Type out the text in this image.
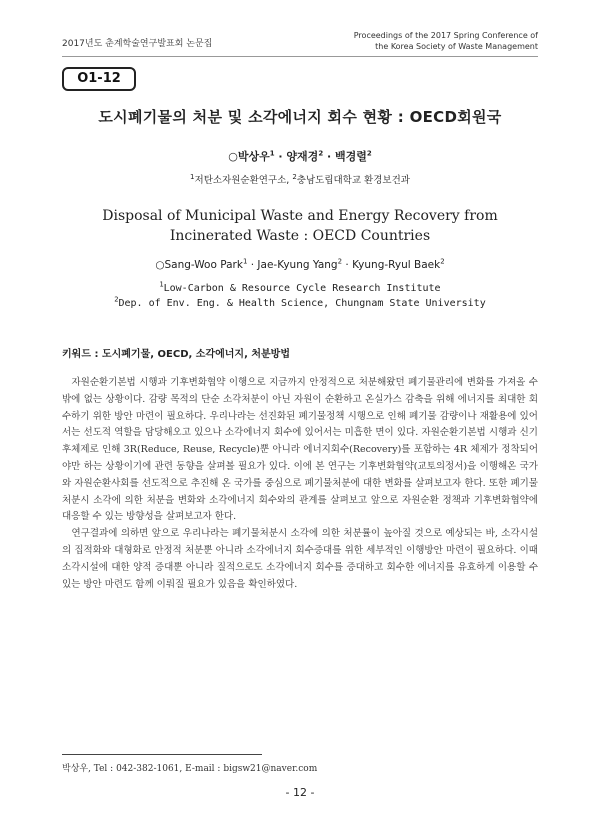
2017년도 춘계학술연구발표회 논문집
Proceedings of the 2017 Spring Conference of
the Korea Society of Waste Management
O1-12
도시폐기물의 처분 및 소각에너지 회수 현황 : OECD회원국
○박상우$^1$ · 양재경$^2$ · 백경렬$^2$
$^1$저탄소자원순환연구소, $^2$충남도립대학교 환경보건과
Disposal of Municipal Waste and Energy Recovery from
Incinerated Waste : OECD Countries
○Sang-Woo Park$^1$ · Jae-Kyung Yang$^2$ · Kyung-Ryul Baek$^2$
$^1$Low-Carbon & Resource Cycle Research Institute
$^2$Dep. of Env. Eng. & Health Science, Chungnam State University
키워드 : 도시폐기물, OECD, 소각에너지, 처분방법

자원순환기본법 시행과 기후변화협약 이행으로 지금까지 안정적으로 처분해왔던 폐기물관리에 변화를 가져올 수밖에 없는 상황이다. 감량 목적의 단순 소각처분이 아닌 자원이 순환하고 온실가스 감축을 위해 에너지를 최대한 회수하기 위한 방안 마련이 필요하다. 우리나라는 선진화된 폐기물정책 시행으로 인해 폐기물 감량이나 재활용에 있어서는 선도적 역할을 담당해오고 있으나 소각에너지 회수에 있어서는 미흡한 면이 있다. 자원순환기본법 시행과 신기후체제로 인해 3R(Reduce, Reuse, Recycle)뿐 아니라 에너지회수(Recovery)를 포함하는 4R 체제가 정착되어야만 하는 상황이기에 관련 동향을 살펴볼 필요가 있다. 이에 본 연구는 기후변화협약(교토의정서)을 이행해온 국가와 자원순환사회를 선도적으로 추진해 온 국가를 중심으로 폐기물처분에 대한 변화를 살펴보고자 한다. 또한 폐기물 처분시 소각에 의한 처분을 변화와 소각에너지 회수와의 관계를 살펴보고 앞으로 자원순환 정책과 기후변화협약에 대응할 수 있는 방향성을 살펴보고자 한다.

연구결과에 의하면 앞으로 우리나라는 폐기물처분시 소각에 의한 처분률이 높아질 것으로 예상되는 바, 소각시설의 집적화와 대형화로 안정적 처분뿐 아니라 소각에너지 회수증대를 위한 세부적인 이행방안 마련이 필요하다. 이때 소각시설에 대한 양적 증대뿐 아니라 질적으로도 소각에너지 회수를 증대하고 회수한 에너지를 유효하게 이용할 수 있는 방안 마련도 함께 이뤄질 필요가 있음을 확인하였다.

박상우, Tel : 042-382-1061, E-mail : bigsw21@naver.com
- 12 -
